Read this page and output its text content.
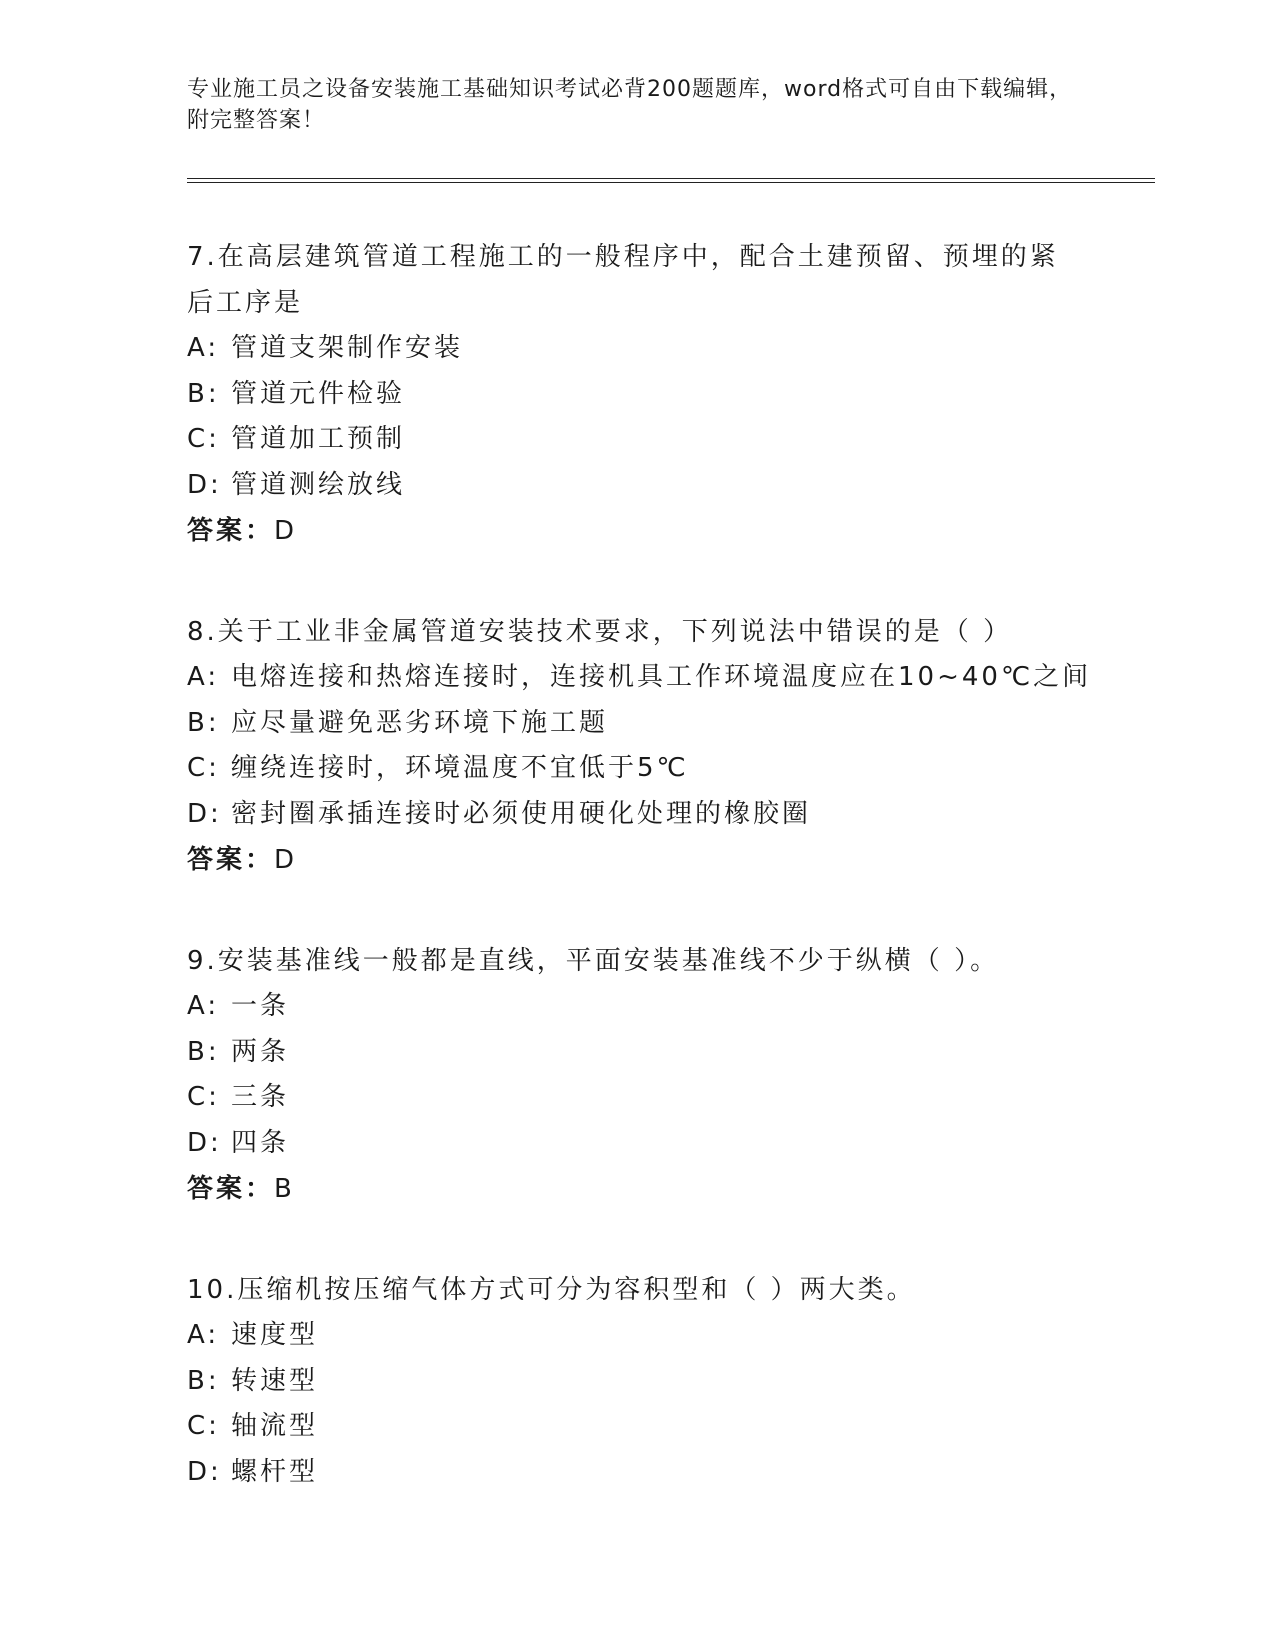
专业施工员之设备安装施工基础知识考试必背200题题库，word格式可自由下载编辑，附完整答案！
7.在高层建筑管道工程施工的一般程序中，配合土建预留、预埋的紧后工序是
A: 管道支架制作安装
B: 管道元件检验
C: 管道加工预制
D: 管道测绘放线
答案：D
8.关于工业非金属管道安装技术要求，下列说法中错误的是（ ）
A: 电熔连接和热熔连接时，连接机具工作环境温度应在10~40℃之间
B: 应尽量避免恶劣环境下施工题
C: 缠绕连接时，环境温度不宜低于5℃
D: 密封圈承插连接时必须使用硬化处理的橡胶圈
答案：D
9.安装基准线一般都是直线，平面安装基准线不少于纵横（ ）。
A: 一条
B: 两条
C: 三条
D: 四条
答案：B
10.压缩机按压缩气体方式可分为容积型和（ ）两大类。
A: 速度型
B: 转速型
C: 轴流型
D: 螺杆型
